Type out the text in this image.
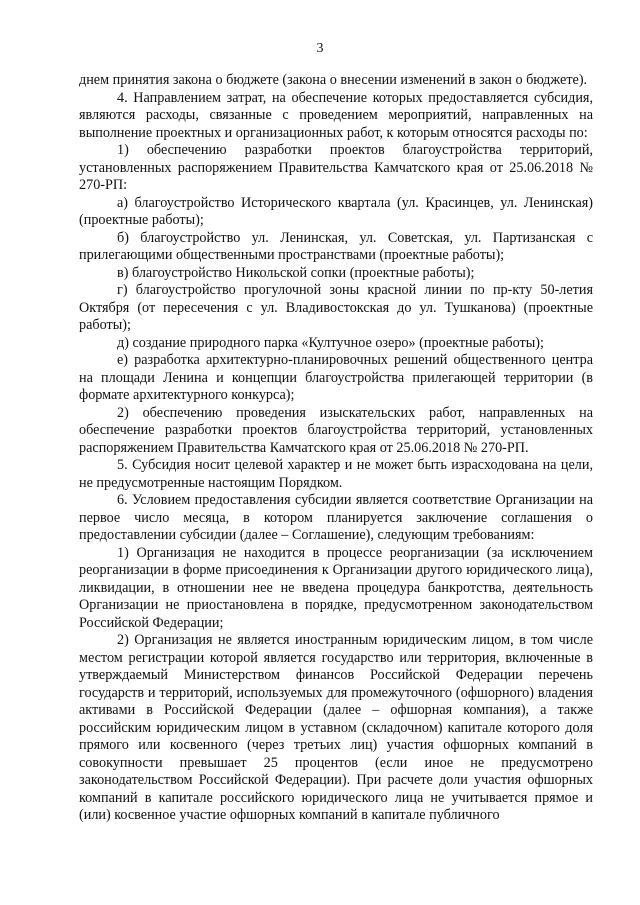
3

днем принятия закона о бюджете (закона о внесении изменений в закон о бюджете).

4. Направлением затрат, на обеспечение которых предоставляется субсидия, являются расходы, связанные с проведением мероприятий, направленных на выполнение проектных и организационных работ, к которым относятся расходы по:

1) обеспечению разработки проектов благоустройства территорий, установленных распоряжением Правительства Камчатского края от 25.06.2018 № 270-РП:

а) благоустройство Исторического квартала (ул. Красинцев, ул. Ленинская) (проектные работы);

б) благоустройство ул. Ленинская, ул. Советская, ул. Партизанская с прилегающими общественными пространствами (проектные работы);

в) благоустройство Никольской сопки (проектные работы);

г) благоустройство прогулочной зоны красной линии по пр-кту 50-летия Октября (от пересечения с ул. Владивостокская до ул. Тушканова) (проектные работы);

д) создание природного парка «Култучное озеро» (проектные работы);

е) разработка архитектурно-планировочных решений общественного центра на площади Ленина и концепции благоустройства прилегающей территории (в формате архитектурного конкурса);

2) обеспечению проведения изыскательских работ, направленных на обеспечение разработки проектов благоустройства территорий, установленных распоряжением Правительства Камчатского края от 25.06.2018 № 270-РП.

5. Субсидия носит целевой характер и не может быть израсходована на цели, не предусмотренные настоящим Порядком.

6. Условием предоставления субсидии является соответствие Организации на первое число месяца, в котором планируется заключение соглашения о предоставлении субсидии (далее – Соглашение), следующим требованиям:

1) Организация не находится в процессе реорганизации (за исключением реорганизации в форме присоединения к Организации другого юридического лица), ликвидации, в отношении нее не введена процедура банкротства, деятельность Организации не приостановлена в порядке, предусмотренном законодательством Российской Федерации;

2) Организация не является иностранным юридическим лицом, в том числе местом регистрации которой является государство или территория, включенные в утверждаемый Министерством финансов Российской Федерации перечень государств и территорий, используемых для промежуточного (офшорного) владения активами в Российской Федерации (далее – офшорная компания), а также российским юридическим лицом в уставном (складочном) капитале которого доля прямого или косвенного (через третьих лиц) участия офшорных компаний в совокупности превышает 25 процентов (если иное не предусмотрено законодательством Российской Федерации). При расчете доли участия офшорных компаний в капитале российского юридического лица не учитывается прямое и (или) косвенное участие офшорных компаний в капитале публичного
